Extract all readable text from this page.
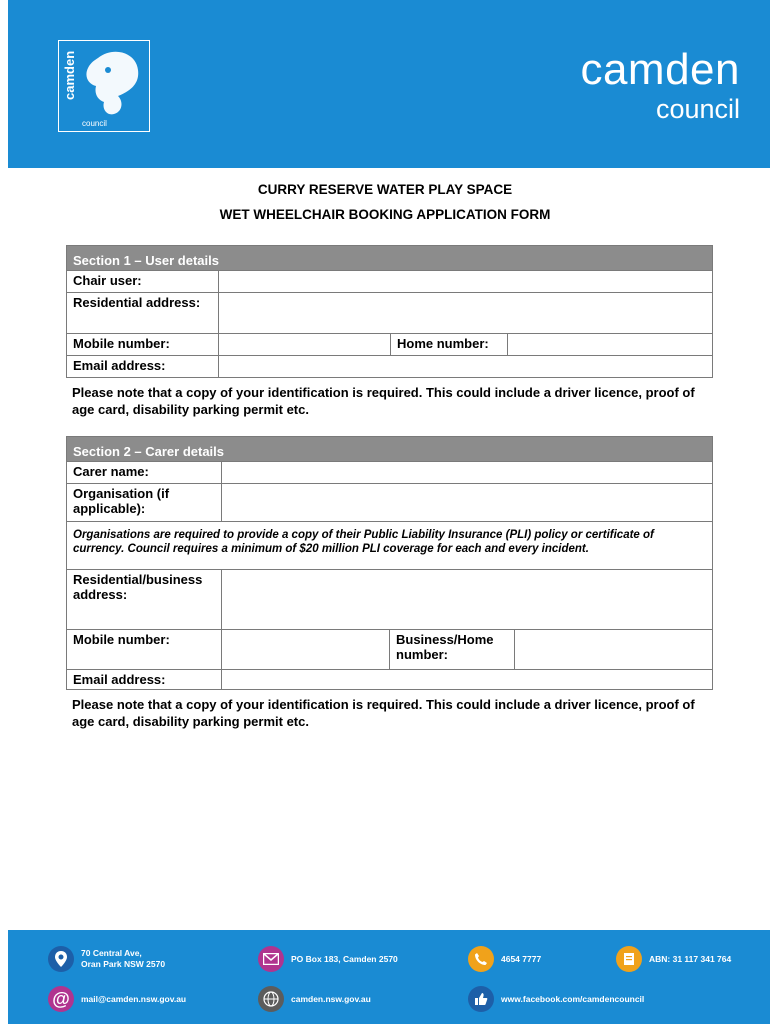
camden
council
camden
council
CURRY RESERVE WATER PLAY SPACE
WET WHEELCHAIR BOOKING APPLICATION FORM
Section 1 – User details			
Chair user:			
Residential address:			
Mobile number:		Home number:	
Email address:			
Please note that a copy of your identification is required. This could include a driver licence, proof of age card, disability parking permit etc.
Section 2 – Carer details			
Carer name:			
Organisation (if applicable):			
Organisations are required to provide a copy of their Public Liability Insurance (PLI) policy or certificate of currency. Council requires a minimum of $20 million PLI coverage for each and every incident.			
Residential/business address:			
Mobile number:		Business/Home number:	
Email address:			
Please note that a copy of your identification is required. This could include a driver licence, proof of age card, disability parking permit etc.
70 Central Ave,
Oran Park NSW 2570
PO Box 183, Camden 2570	4654 7777	ABN: 31 117 341 764
@	mail@camden.nsw.gov.au	camden.nsw.gov.au	www.facebook.com/camdencouncil
